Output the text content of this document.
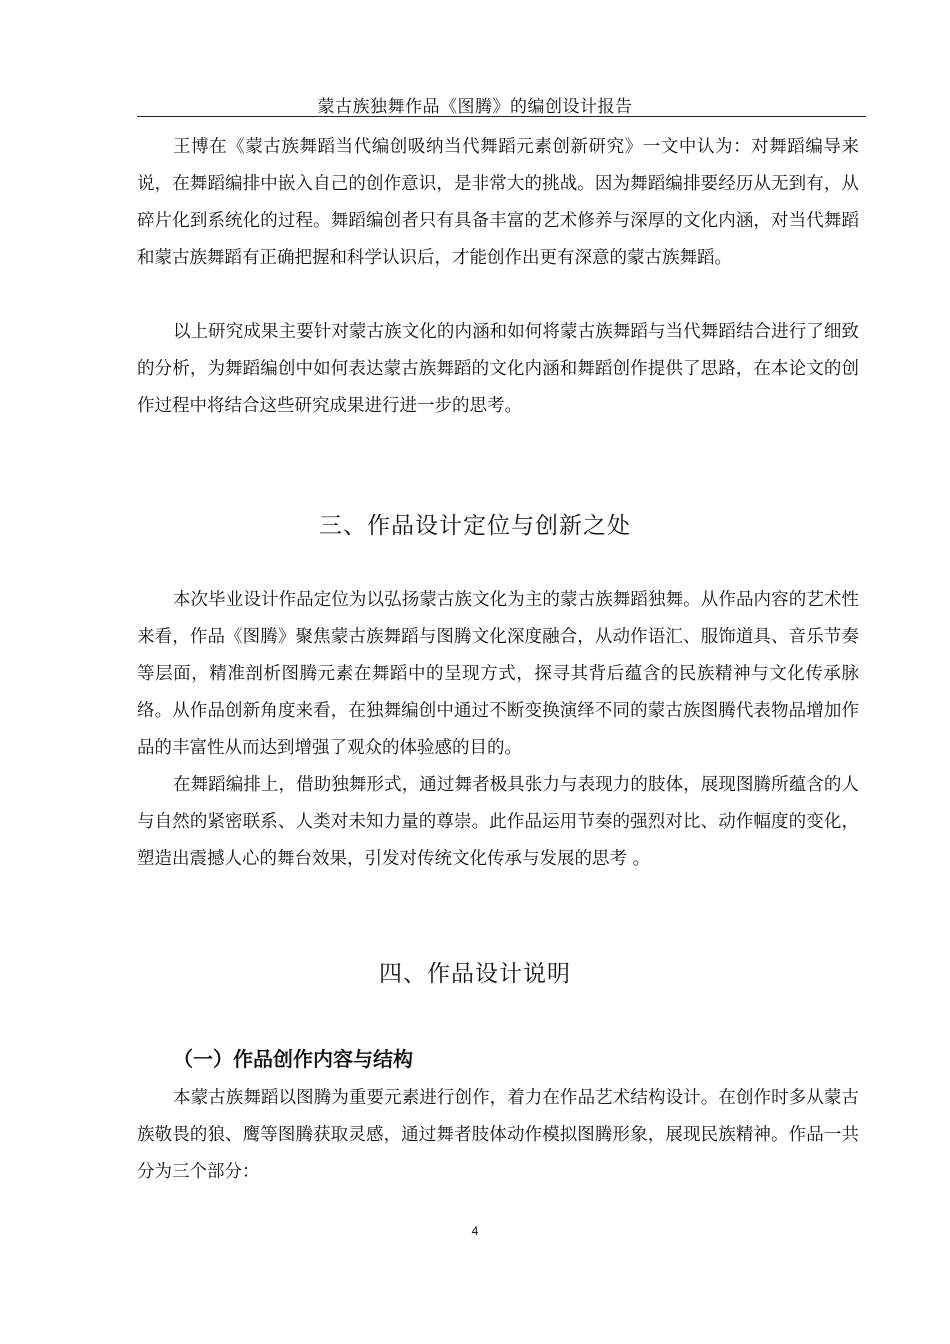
蒙古族独舞作品《图腾》的编创设计报告

王博在《蒙古族舞蹈当代编创吸纳当代舞蹈元素创新研究》一文中认为：对舞蹈编导来说，在舞蹈编排中嵌入自己的创作意识，是非常大的挑战。因为舞蹈编排要经历从无到有，从碎片化到系统化的过程。舞蹈编创者只有具备丰富的艺术修养与深厚的文化内涵，对当代舞蹈和蒙古族舞蹈有正确把握和科学认识后，才能创作出更有深意的蒙古族舞蹈。

以上研究成果主要针对蒙古族文化的内涵和如何将蒙古族舞蹈与当代舞蹈结合进行了细致的分析，为舞蹈编创中如何表达蒙古族舞蹈的文化内涵和舞蹈创作提供了思路，在本论文的创作过程中将结合这些研究成果进行进一步的思考。

三、作品设计定位与创新之处

本次毕业设计作品定位为以弘扬蒙古族文化为主的蒙古族舞蹈独舞。从作品内容的艺术性来看，作品《图腾》聚焦蒙古族舞蹈与图腾文化深度融合，从动作语汇、服饰道具、音乐节奏等层面，精准剖析图腾元素在舞蹈中的呈现方式，探寻其背后蕴含的民族精神与文化传承脉络。从作品创新角度来看，在独舞编创中通过不断变换演绎不同的蒙古族图腾代表物品增加作品的丰富性从而达到增强了观众的体验感的目的。

在舞蹈编排上，借助独舞形式，通过舞者极具张力与表现力的肢体，展现图腾所蕴含的人与自然的紧密联系、人类对未知力量的尊崇。此作品运用节奏的强烈对比、动作幅度的变化，塑造出震撼人心的舞台效果，引发对传统文化传承与发展的思考 。

四、作品设计说明
（一）作品创作内容与结构

本蒙古族舞蹈以图腾为重要元素进行创作，着力在作品艺术结构设计。在创作时多从蒙古族敬畏的狼、鹰等图腾获取灵感，通过舞者肢体动作模拟图腾形象，展现民族精神。作品一共分为三个部分：

4
